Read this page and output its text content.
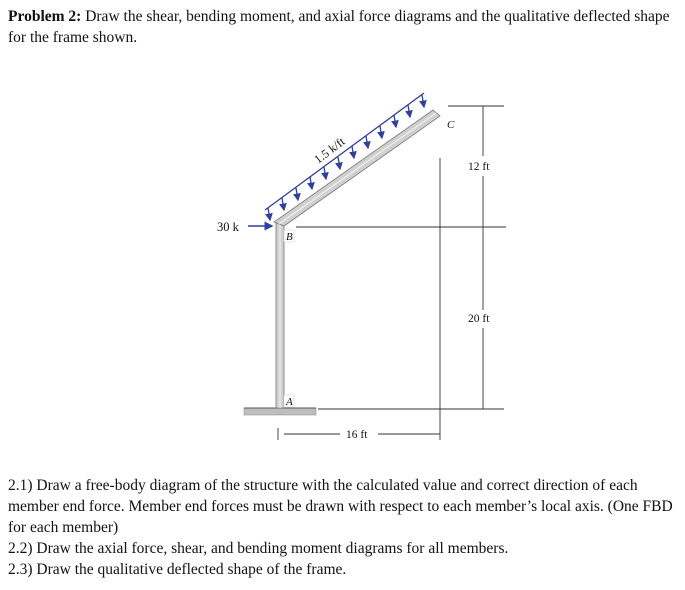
Problem 2: Draw the shear, bending moment, and axial force diagrams and the qualitative deflected shape for the frame shown.
30 k
1.5 k/ft
B
A
C
12 ft
20 ft
16 ft

2.1) Draw a free-body diagram of the structure with the calculated value and correct direction of each member end force. Member end forces must be drawn with respect to each member’s local axis. (One FBD for each member)

2.2) Draw the axial force, shear, and bending moment diagrams for all members.

2.3) Draw the qualitative deflected shape of the frame.
